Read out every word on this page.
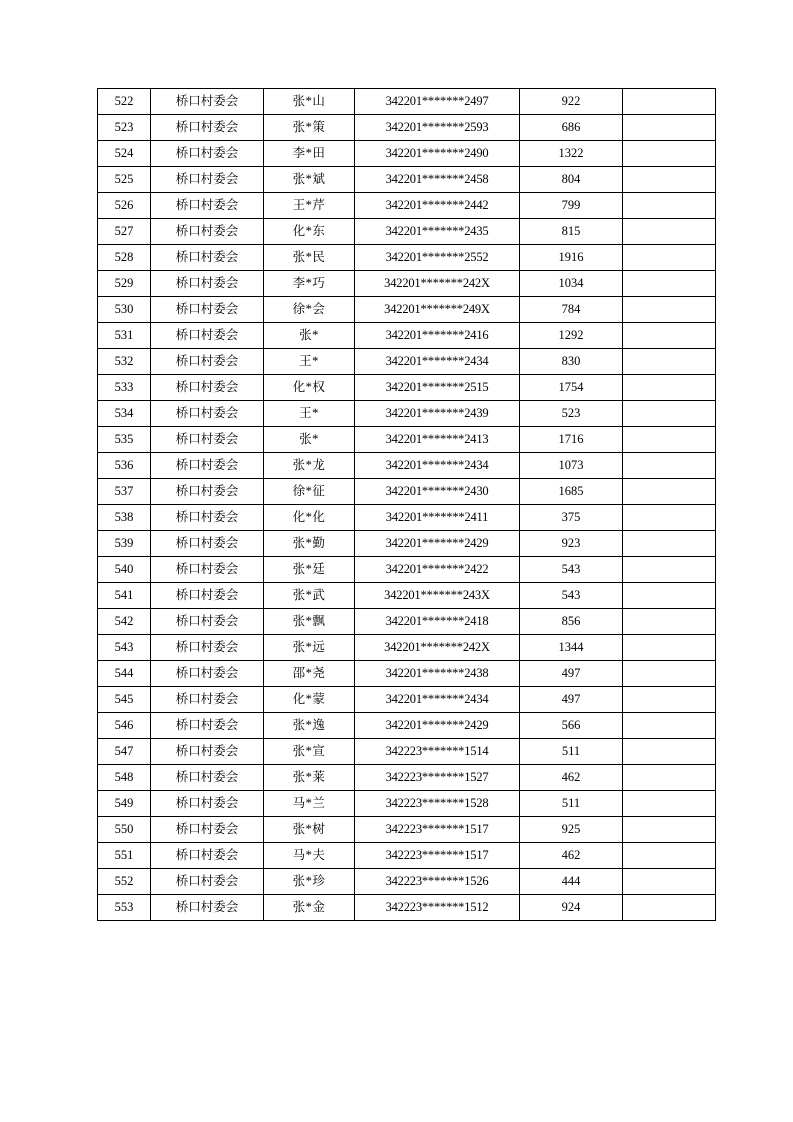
522	桥口村委会	张*山	342201*******2497	922	
523	桥口村委会	张*策	342201*******2593	686	
524	桥口村委会	李*田	342201*******2490	1322	
525	桥口村委会	张*斌	342201*******2458	804	
526	桥口村委会	王*芹	342201*******2442	799	
527	桥口村委会	化*东	342201*******2435	815	
528	桥口村委会	张*民	342201*******2552	1916	
529	桥口村委会	李*巧	342201*******242X	1034	
530	桥口村委会	徐*会	342201*******249X	784	
531	桥口村委会	张*	342201*******2416	1292	
532	桥口村委会	王*	342201*******2434	830	
533	桥口村委会	化*权	342201*******2515	1754	
534	桥口村委会	王*	342201*******2439	523	
535	桥口村委会	张*	342201*******2413	1716	
536	桥口村委会	张*龙	342201*******2434	1073	
537	桥口村委会	徐*征	342201*******2430	1685	
538	桥口村委会	化*化	342201*******2411	375	
539	桥口村委会	张*勤	342201*******2429	923	
540	桥口村委会	张*廷	342201*******2422	543	
541	桥口村委会	张*武	342201*******243X	543	
542	桥口村委会	张*飘	342201*******2418	856	
543	桥口村委会	张*远	342201*******242X	1344	
544	桥口村委会	邵*尧	342201*******2438	497	
545	桥口村委会	化*蒙	342201*******2434	497	
546	桥口村委会	张*逸	342201*******2429	566	
547	桥口村委会	张*宣	342223*******1514	511	
548	桥口村委会	张*莱	342223*******1527	462	
549	桥口村委会	马*兰	342223*******1528	511	
550	桥口村委会	张*树	342223*******1517	925	
551	桥口村委会	马*夫	342223*******1517	462	
552	桥口村委会	张*珍	342223*******1526	444	
553	桥口村委会	张*金	342223*******1512	924	
